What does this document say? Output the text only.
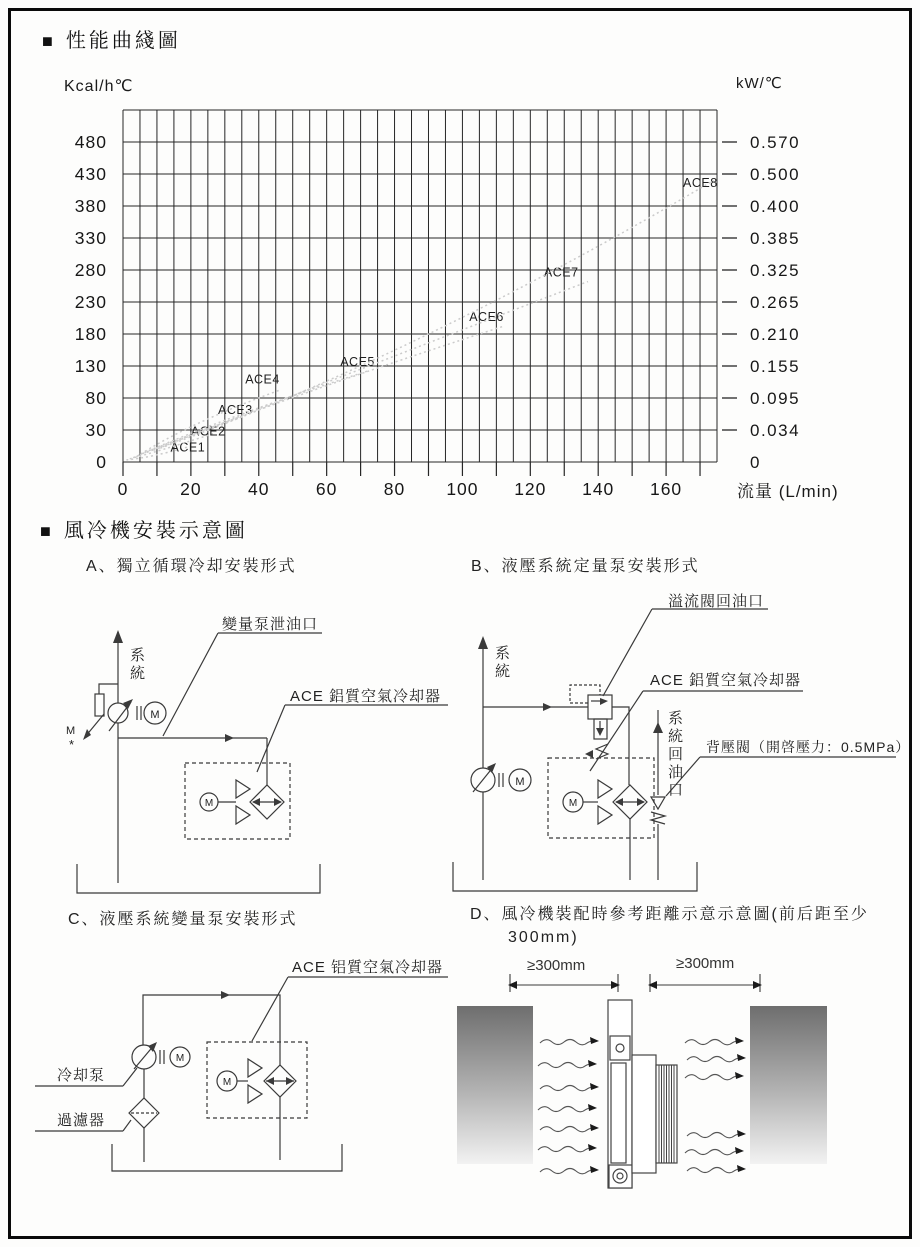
■ 性能曲綫圖
Kcal/h℃	kW/℃
流量 (L/min)
0
30
80
130
180
230
280
330
380
430
480
0
0.034
0.095
0.155
0.210
0.265
0.325
0.385
0.400
0.500
0.570
0	20	40	60	80 100 120 140 160
ACE1
ACE2
ACE3
ACE4
ACE5
ACE6
ACE7
ACE8
■ 風冷機安裝示意圖
A、獨立循環冷却安裝形式	B、液壓系統定量泵安裝形式
C、液壓系統變量泵安裝形式	D、風冷機裝配時參考距離示意示意圖(前后距至少300mm)
M
M
M
*
變量泵泄油口
系統
ACE 鋁質空氣冷却器
M
M
溢流閥回油口
系統	ACE 鋁質空氣冷却器
系統回油口 背壓閥（開啓壓力：0.5MPa）
M
M
ACE 铝質空氣冷却器
冷却泵
過濾器
≥300mm	≥300mm
